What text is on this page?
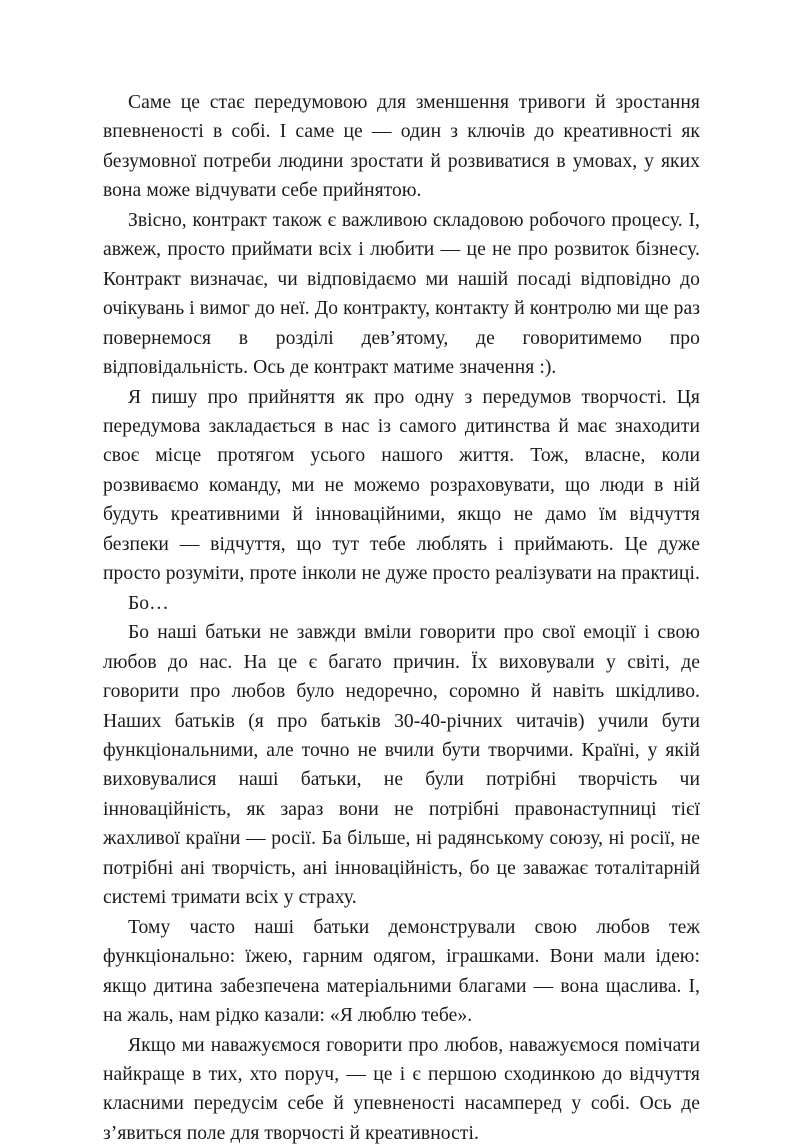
Саме це стає передумовою для зменшення тривоги й зростання впевненості в собі. І саме це — один з ключів до креативності як безумовної потреби людини зростати й розвиватися в умовах, у яких вона може відчувати себе прийнятою.

Звісно, контракт також є важливою складовою робочого процесу. І, авжеж, просто приймати всіх і любити — це не про розвиток бізнесу. Контракт визначає, чи відповідаємо ми нашій посаді відповідно до очікувань і вимог до неї. До контракту, контакту й контролю ми ще раз повернемося в розділі дев’ятому, де говоритимемо про відповідальність. Ось де контракт матиме значення :).

Я пишу про прийняття як про одну з передумов творчості. Ця передумова закладається в нас із самого дитинства й має знаходити своє місце протягом усього нашого життя. Тож, власне, коли розвиваємо команду, ми не можемо розраховувати, що люди в ній будуть креативними й інноваційними, якщо не дамо їм відчуття безпеки — відчуття, що тут тебе люблять і приймають. Це дуже просто розуміти, проте інколи не дуже просто реалізувати на практиці.

Бо…

Бо наші батьки не завжди вміли говорити про свої емоції і свою любов до нас. На це є багато причин. Їх виховували у світі, де говорити про любов було недоречно, соромно й навіть шкідливо. Наших батьків (я про батьків 30-40-річних читачів) учили бути функціональними, але точно не вчили бути творчими. Країні, у якій виховувалися наші батьки, не були потрібні творчість чи інноваційність, як зараз вони не потрібні правонаступниці тієї жахливої країни — росії. Ба більше, ні радянському союзу, ні росії, не потрібні ані творчість, ані інноваційність, бо це заважає тоталітарній системі тримати всіх у страху.

Тому часто наші батьки демонстрували свою любов теж функціонально: їжею, гарним одягом, іграшками. Вони мали ідею: якщо дитина забезпечена матеріальними благами — вона щаслива. І, на жаль, нам рідко казали: «Я люблю тебе».

Якщо ми наважуємося говорити про любов, наважуємося помічати найкраще в тих, хто поруч, — це і є першою сходинкою до відчуття класними передусім себе й упевненості насамперед у собі. Ось де з’явиться поле для творчості й креативності.
